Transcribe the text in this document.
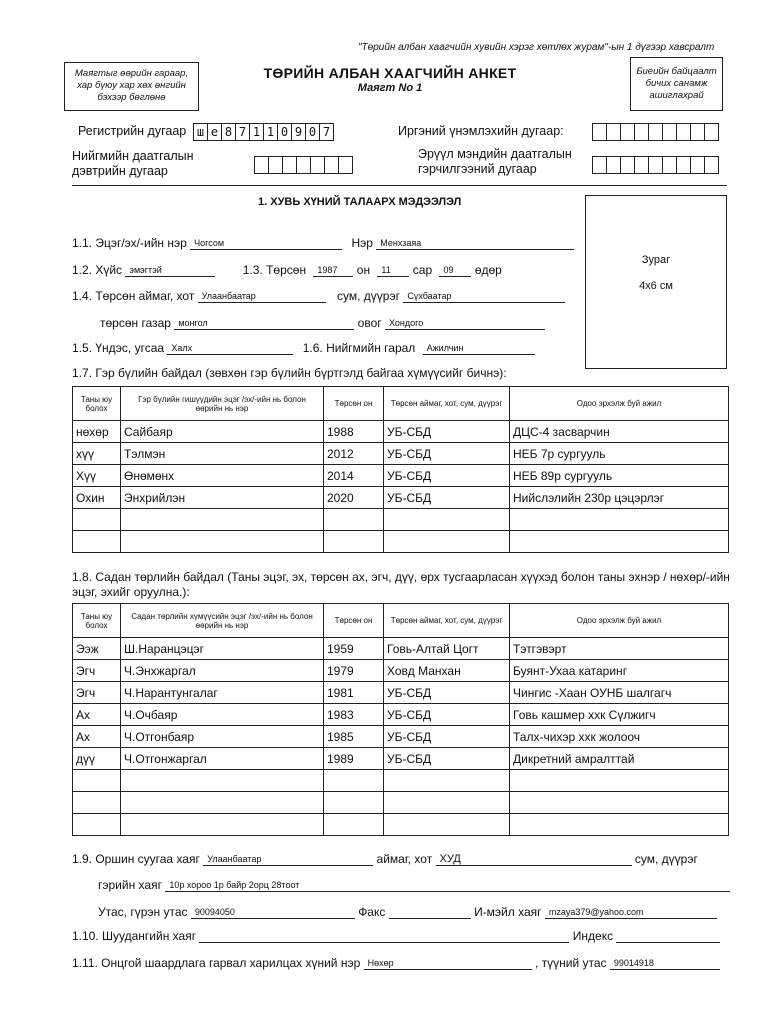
"Төрийн албан хаагчийн хувийн хэрэг хөтлөх журам"-ын 1 дүгээр хавсралт
Маягтыг өөрийн гараар, хар бүюу хар хөх өнгийн бэхээр бөглөнө
ТӨРИЙН АЛБАН ХААГЧИЙН АНКЕТ
Маягт No 1
Биеийн байцаалт бичих санамж ашиглахрай
Регистрийн дугаар ш е 8 7 1 1 0 9 0 7	Иргэний үнэмлэхийн дугаар:
Нийгмийн даатгалын дэвтрийн дугаар
Эрүүл мэндийн даатгалын гэрчилгээний дугаар
1. ХУВЬ ХҮНИЙ ТАЛААРХ МЭДЭЭЛЭЛ
Зураг
4х6 см
1.1. Эцэг/эх/-ийн нэр Чогсом	Нэр Менхзаяа
1.2. Хүйс эмэгтэй	1.3. Төрсөн 1987 он 11 сар 09 өдөр
1.4. Төрсөн аймаг, хот Улаанбаатар	сум, дүүрэг Сүхбаатар
төрсөн газар монгол	овог Хондого
1.5. Үндэс, угсаа Халх	1.6. Нийгмийн гарал Ажилчин
1.7. Гэр бүлийн байдал (зөвхөн гэр бүлийн бүртгэлд байгаа хүмүүсийг бичнэ):
Таны юу болох	Гэр бүлийн гишүүдийн эцэг /эх/-ийн нь болон өөрийн нь нэр	Төрсөн он	Төрсөн аймаг, хот, сум, дүүрэг	Одоо эрхэлж буй ажил
нөхөр	Сайбаяр	1988	УБ-СБД	ДЦС-4 засварчин
хүү	Тэлмэн	2012	УБ-СБД	НЕБ 7р сургууль
Хүү	Өнөмөнх	2014	УБ-СБД	НЕБ 89р сургууль
Охин	Энхрийлэн	2020	УБ-СБД	Нийслэлийн 230р цэцэрлэг

1.8. Садан төрлийн байдал (Таны эцэг, эх, төрсөн ах, эгч, дүү, өрх тусгаарласан хүүхэд болон таны эхнэр / нөхөр/-ийн эцэг, эхийг оруулна.):
Таны юу болох	Садан төрлийн хүмүүсийн эцэг /эх/-ийн нь болон өөрийн нь нэр	Төрсөн он	Төрсөн аймаг, хот, сум, дүүрэг	Одоо эрхэлж буй ажил
Ээж	Ш.Наранцэцэг	1959	Говь-Алтай Цогт	Тэтгэвэрт
Эгч	Ч.Энхжаргал	1979	Ховд Манхан	Буянт-Ухаа катаринг
Эгч	Ч.Нарантунгалаг	1981	УБ-СБД	Чингис -Хаан ОУНБ шалгагч
Ах	Ч.Очбаяр	1983	УБ-СБД	Говь кашмер ххк Сүлжигч
Ах	Ч.Отгонбаяр	1985	УБ-СБД	Талх-чихэр ххк жолооч
дүү	Ч.Отгонжаргал	1989	УБ-СБД	Дикретний амралттай

1.9. Оршин суугаа хаяг Улаанбаатар	аймаг, хот ХУД	сум, дүүрэг
гэрийн хаяг 10р хороо 1р байр 2орц 28тоот
Утас, гүрэн утас 90094050	Факс	И-мэйл хаяг mzaya379@yahoo.com
1.10. Шуудангийн хаяг	Индекс
1.11. Онцгой шаардлага гарвал харилцах хүний нэр Нөхөр	, түүний утас 99014918
